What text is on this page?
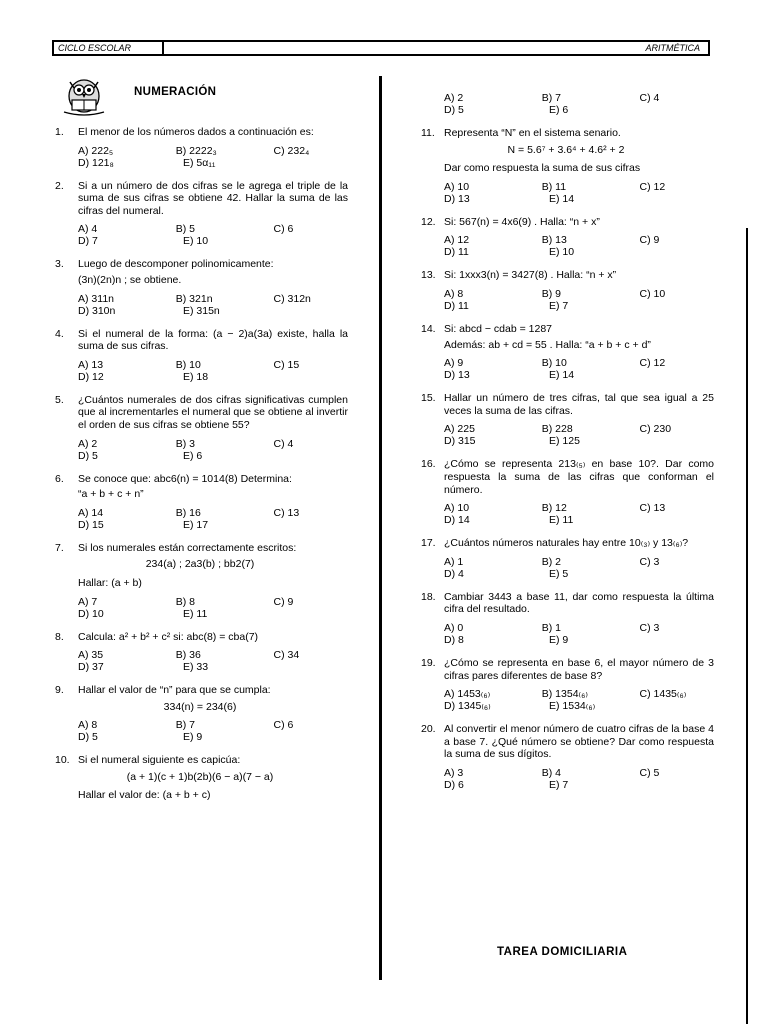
CICLO ESCOLAR	ARITMÉTICA
NUMERACIÓN
1.	El menor de los números dados a continuación es:
A) 222₅	B) 2222₃	C) 232₄
D) 121₈	E) 5α₁₁
2.	Si a un número de dos cifras se le agrega el triple de la suma de sus cifras se obtiene 42. Hallar la suma de las cifras del numeral.
A) 4	B) 5	C) 6
D) 7	E) 10
3.	Luego de descomponer polinomicamente:
(3n)(2n)n ; se obtiene.
A) 311n	B) 321n	C) 312n
D) 310n	E) 315n
4.	Si el numeral de la forma: (a − 2)a(3a) existe, halla la suma de sus cifras.
A) 13	B) 10	C) 15
D) 12	E) 18
5.	¿Cuántos numerales de dos cifras significativas cumplen que al incrementarles el numeral que se obtiene al invertir el orden de sus cifras se obtiene 55?
A) 2	B) 3	C) 4
D) 5	E) 6
6.	Se conoce que: abc6(n) = 1014(8) Determina:
“a + b + c + n”
A) 14	B) 16	C) 13
D) 15	E) 17
7.	Si los numerales están correctamente escritos:
234(a) ; 2a3(b) ; bb2(7)
Hallar: (a + b)
A) 7	B) 8	C) 9
D) 10	E) 11
8.	Calcula: a² + b² + c² si: abc(8) = cba(7)
A) 35	B) 36	C) 34
D) 37	E) 33
9.	Hallar el valor de “n” para que se cumpla:
334(n) = 234(6)
A) 8	B) 7	C) 6
D) 5	E) 9
10. Si el numeral siguiente es capicúa:
(a + 1)(c + 1)b(2b)(6 − a)(7 − a)
Hallar el valor de: (a + b + c)
A) 2	B) 7	C) 4
D) 5	E) 6
11. Representa “N” en el sistema senario.
N = 5.6⁷ + 3.6⁴ + 4.6² + 2
Dar como respuesta la suma de sus cifras
A) 10	B) 11	C) 12
D) 13	E) 14
12. Si: 567(n) = 4x6(9) . Halla: “n + x”
A) 12	B) 13	C) 9
D) 11	E) 10
13. Si: 1xxx3(n) = 3427(8) . Halla: “n + x”
A) 8	B) 9	C) 10
D) 11	E) 7
14. Si: abcd − cdab = 1287
Además: ab + cd = 55 . Halla: “a + b + c + d”
A) 9	B) 10	C) 12
D) 13	E) 14
15. Hallar un número de tres cifras, tal que sea igual a 25 veces la suma de las cifras.
A) 225	B) 228	C) 230
D) 315	E) 125
16. ¿Cómo se representa 213₍₅₎ en base 10?. Dar como respuesta la suma de las cifras que conforman el número.
A) 10	B) 12	C) 13
D) 14	E) 11
17. ¿Cuántos números naturales hay entre 10₍₃₎ y 13₍₆₎?
A) 1	B) 2	C) 3
D) 4	E) 5
18. Cambiar 3443 a base 11, dar como respuesta la última cifra del resultado.
A) 0	B) 1	C) 3
D) 8	E) 9
19. ¿Cómo se representa en base 6, el mayor número de 3 cifras pares diferentes de base 8?
A) 1453₍₆₎	B) 1354₍₆₎	C) 1435₍₆₎
D) 1345₍₆₎	E) 1534₍₆₎
20. Al convertir el menor número de cuatro cifras de la base 4 a base 7. ¿Qué número se obtiene? Dar como respuesta la suma de sus dígitos.
A) 3	B) 4	C) 5
D) 6	E) 7
TAREA DOMICILIARIA
